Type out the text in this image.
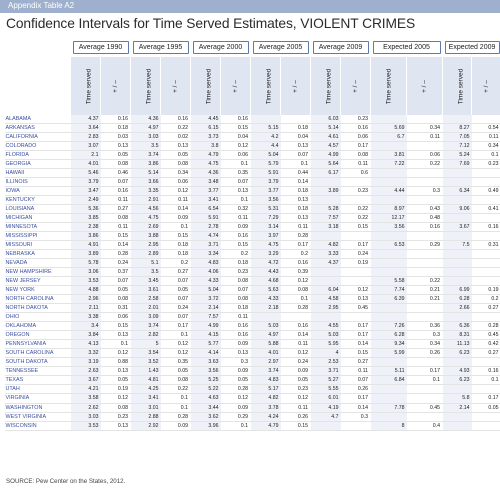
Appendix Table A2
Confidence Intervals for Time Served Estimates, VIOLENT CRIMES

	Average 1990		Average 1995		Average 2000		Average 2005		Average 2009		Expected 2005		Expected 2009	

	Time served	+ / –	Time served	+ / –	Time served	+ / –	Time served	+ / –	Time served	+ / –	Time served	+ / –	Time served	+ / –
ALABAMA	4.37	0.16	4.36	0.16	4.45	0.16			6.03	0.23				
ARKANSAS	3.64	0.18	4.97	0.22	6.15	0.15	5.15	0.18	5.14	0.16	5.69	0.34	8.27	0.54
CALIFORNIA	2.83	0.03	3.03	0.02	3.73	0.04	4.2	0.04	4.61	0.06	6.7	0.11	7.05	0.11
COLORADO	3.07	0.13	3.5	0.13	3.8	0.12	4.4	0.13	4.57	0.17			7.12	0.34
FLORIDA	2.1	0.05	3.74	0.05	4.79	0.06	5.04	0.07	4.99	0.08	3.81	0.06	5.24	0.1
GEORGIA	4.01	0.08	3.86	0.08	4.75	0.1	5.79	0.1	5.64	0.11	7.22	0.22	7.69	0.23
HAWAII	5.46	0.46	5.14	0.34	4.36	0.35	5.91	0.44	6.17	0.6				
ILLINOIS	3.79	0.07	3.66	0.06	3.48	0.07	3.79	0.14						
IOWA	3.47	0.16	3.35	0.12	3.77	0.13	3.77	0.18	3.89	0.23	4.44	0.3	6.34	0.49
KENTUCKY	2.49	0.11	2.91	0.11	3.41	0.1	3.56	0.13						
LOUISIANA	5.36	0.27	4.56	0.14	6.54	0.32	5.31	0.18	5.28	0.22	8.97	0.43	9.06	0.41
MICHIGAN	3.85	0.08	4.75	0.09	5.91	0.11	7.29	0.13	7.57	0.22	12.17	0.48		
MINNESOTA	2.38	0.11	2.69	0.1	2.78	0.09	3.14	0.11	3.18	0.15	3.56	0.16	3.67	0.16
MISSISSIPPI	3.86	0.15	3.88	0.15	4.74	0.16	3.97	0.28						
MISSOURI	4.91	0.14	2.95	0.18	3.71	0.15	4.75	0.17	4.82	0.17	6.53	0.29	7.5	0.31
NEBRASKA	3.89	0.28	2.89	0.18	3.34	0.2	3.29	0.2	3.33	0.24				
NEVADA	5.78	0.24	5.1	0.2	4.83	0.18	4.72	0.16	4.37	0.19				
NEW HAMPSHIRE	3.06	0.37	3.5	0.27	4.06	0.23	4.43	0.39						
NEW JERSEY	3.53	0.07	3.45	0.07	4.33	0.08	4.68	0.12			5.58	0.22		
NEW YORK	4.88	0.05	3.61	0.05	5.04	0.07	5.63	0.08	6.04	0.12	7.74	0.21	6.99	0.19
NORTH CAROLINA	2.96	0.08	2.58	0.07	3.72	0.08	4.33	0.1	4.58	0.13	6.39	0.21	6.28	0.2
NORTH DAKOTA	2.11	0.31	2.01	0.24	2.14	0.18	2.18	0.28	2.95	0.45			2.66	0.27
OHIO	3.38	0.06	3.09	0.07	7.57	0.11								
OKLAHOMA	3.4	0.15	3.74	0.17	4.99	0.16	5.03	0.16	4.55	0.17	7.26	0.36	6.36	0.28
OREGON	3.84	0.13	2.82	0.1	4.15	0.16	4.97	0.14	5.03	0.17	6.28	0.3	8.31	0.45
PENNSYLVANIA	4.13	0.1	5	0.12	5.77	0.09	5.88	0.11	5.95	0.14	9.34	0.34	11.13	0.42
SOUTH CAROLINA	3.32	0.12	3.54	0.12	4.14	0.13	4.01	0.12	4	0.15	5.99	0.26	6.23	0.27
SOUTH DAKOTA	3.19	0.88	3.52	0.35	3.63	0.3	2.97	0.24	2.53	0.27				
TENNESSEE	2.63	0.13	1.43	0.05	3.56	0.09	3.74	0.09	3.71	0.11	5.11	0.17	4.93	0.16
TEXAS	3.67	0.05	4.81	0.08	5.25	0.05	4.83	0.05	5.27	0.07	6.84	0.1	6.23	0.1
UTAH	4.21	0.19	4.25	0.22	5.22	0.28	5.17	0.23	5.55	0.26				
VIRGINIA	3.58	0.12	3.41	0.1	4.63	0.12	4.82	0.12	6.01	0.17			5.8	0.17
WASHINGTON	2.62	0.08	3.01	0.1	3.44	0.09	3.78	0.11	4.19	0.14	7.78	0.45	2.14	0.05
WEST VIRGINIA	3.03	0.23	2.88	0.28	3.62	0.29	4.24	0.26	4.7	0.3				
WISCONSIN	3.53	0.13	2.92	0.09	3.96	0.1	4.79	0.15			8	0.4		
SOURCE: Pew Center on the States, 2012.
